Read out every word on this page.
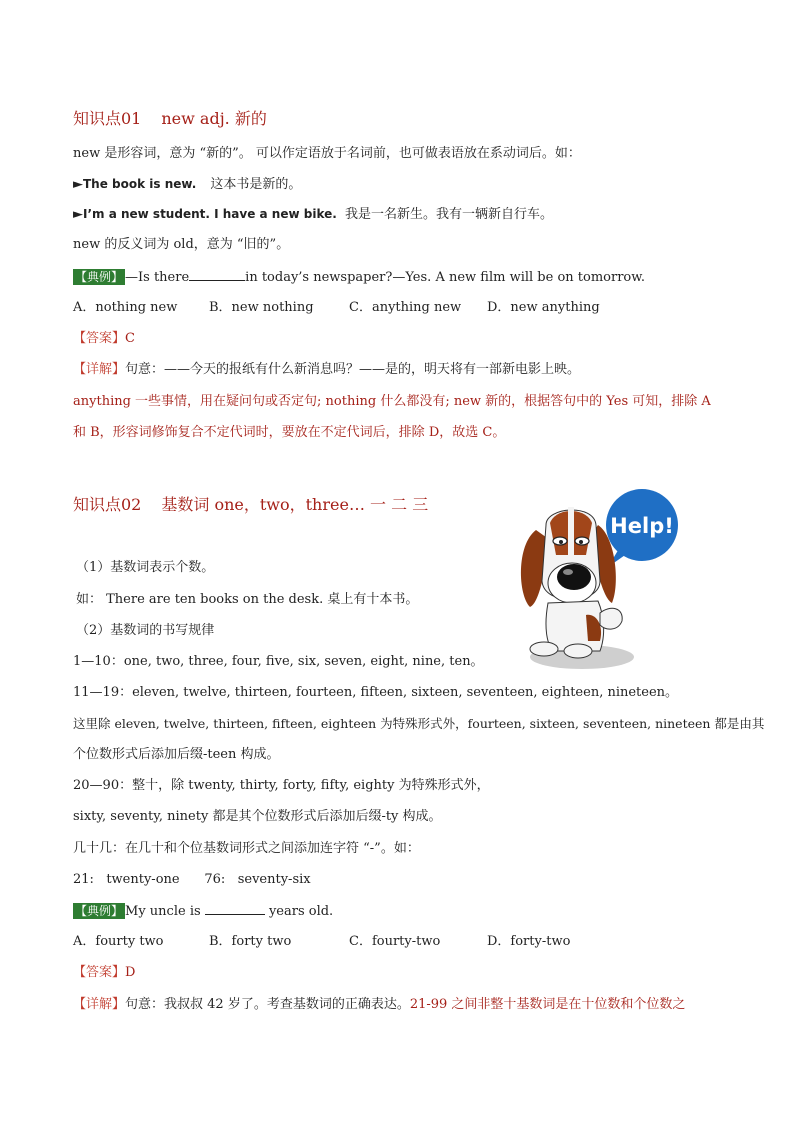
知识点01 new adj. 新的
new 是形容词，意为 “新的”。 可以作定语放于名词前，也可做表语放在系动词后。如：
►The book is new. 这本书是新的。
►I’m a new student. I have a new bike. 我是一名新生。我有一辆新自行车。
new 的反义词为 old，意为 “旧的”。
【典例】 —Is there	in today’s newspaper?—Yes. A new film will be on tomorrow.
A．nothing new B．new nothing	C．anything new D．new anything
【答案】C
【详解】句意：——今天的报纸有什么新消息吗？——是的，明天将有一部新电影上映。
anything 一些事情，用在疑问句或否定句; nothing 什么都没有; new 新的，根据答句中的 Yes 可知，排除 A
和 B，形容词修饰复合不定代词时，要放在不定代词后，排除 D，故选 C。
知识点02 基数词 one，two，three… 一 二 三
（1）基数词表示个数。
如： There are ten books on the desk. 桌上有十本书。
（2）基数词的书写规律
1—10：one, two, three, four, five, six, seven, eight, nine, ten。
11—19：eleven, twelve, thirteen, fourteen, fifteen, sixteen, seventeen, eighteen, nineteen。
这里除 eleven, twelve, thirteen, fifteen, eighteen 为特殊形式外，fourteen, sixteen, seventeen, nineteen 都是由其
个位数形式后添加后缀-teen 构成。
20—90：整十，除 twenty, thirty, forty, fifty, eighty 为特殊形式外，
sixty, seventy, ninety 都是其个位数形式后添加后缀-ty 构成。
几十几：在几十和个位基数词形式之间添加连字符 “-”。如：
21:   twenty-one      76:   seventy-six
【典例】 My uncle is	years old.
A．fourty two	B．forty two	C．fourty-two	D．forty-two
【答案】D
【详解】句意：我叔叔 42 岁了。考查基数词的正确表达。21-99 之间非整十基数词是在十位数和个位数之
Help!
